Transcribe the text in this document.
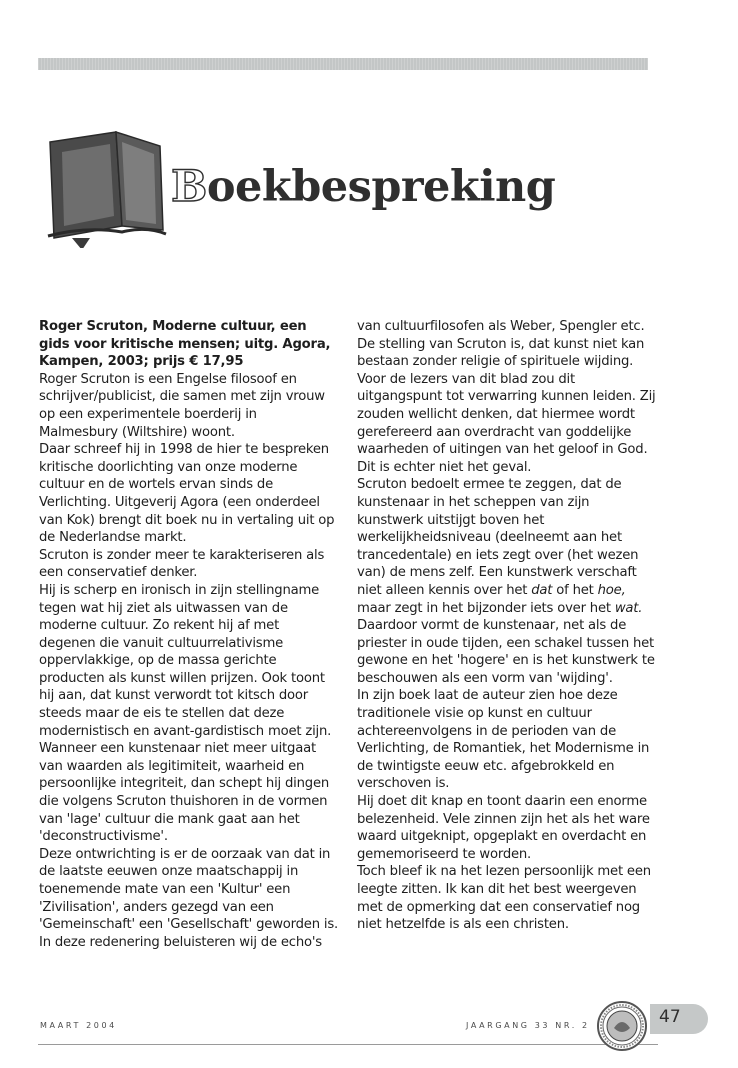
Boekbespreking

Roger Scruton, Moderne cultuur, een gids voor kritische mensen; uitg. Agora, Kampen, 2003; prijs € 17,95

Roger Scruton is een Engelse filosoof en schrijver/publicist, die samen met zijn vrouw op een experimentele boerderij in Malmesbury (Wiltshire) woont.

Daar schreef hij in 1998 de hier te bespreken kritische doorlichting van onze moderne cultuur en de wortels ervan sinds de Verlichting. Uitgeverij Agora (een onderdeel van Kok) brengt dit boek nu in vertaling uit op de Nederlandse markt.

Scruton is zonder meer te karakteriseren als een conservatief denker.

Hij is scherp en ironisch in zijn stellingname tegen wat hij ziet als uitwassen van de moderne cultuur. Zo rekent hij af met degenen die vanuit cultuurrelativisme oppervlakkige, op de massa gerichte producten als kunst willen prijzen. Ook toont hij aan, dat kunst verwordt tot kitsch door steeds maar de eis te stellen dat deze modernistisch en avant-gardistisch moet zijn. Wanneer een kunstenaar niet meer uitgaat van waarden als legitimiteit, waarheid en persoonlijke integriteit, dan schept hij dingen die volgens Scruton thuishoren in de vormen van 'lage' cultuur die mank gaat aan het 'deconstructivisme'.

Deze ontwrichting is er de oorzaak van dat in de laatste eeuwen onze maatschappij in toenemende mate van een 'Kultur' een 'Zivilisation', anders gezegd van een 'Gemeinschaft' een 'Gesellschaft' geworden is. In deze redenering beluisteren wij de echo's

van cultuurfilosofen als Weber, Spengler etc. De stelling van Scruton is, dat kunst niet kan bestaan zonder religie of spirituele wijding. Voor de lezers van dit blad zou dit uitgangspunt tot verwarring kunnen leiden. Zij zouden wellicht denken, dat hiermee wordt gerefereerd aan overdracht van goddelijke waarheden of uitingen van het geloof in God. Dit is echter niet het geval.

Scruton bedoelt ermee te zeggen, dat de kunstenaar in het scheppen van zijn kunstwerk uitstijgt boven het werkelijkheidsniveau (deelneemt aan het trancedentale) en iets zegt over (het wezen van) de mens zelf. Een kunstwerk verschaft niet alleen kennis over het dat of het hoe, maar zegt in het bijzonder iets over het wat.

Daardoor vormt de kunstenaar, net als de priester in oude tijden, een schakel tussen het gewone en het 'hogere' en is het kunstwerk te beschouwen als een vorm van 'wijding'.

In zijn boek laat de auteur zien hoe deze traditionele visie op kunst en cultuur achtereenvolgens in de perioden van de Verlichting, de Romantiek, het Modernisme in de twintigste eeuw etc. afgebrokkeld en verschoven is.

Hij doet dit knap en toont daarin een enorme belezenheid. Vele zinnen zijn het als het ware waard uitgeknipt, opgeplakt en overdacht en gememoriseerd te worden.

Toch bleef ik na het lezen persoonlijk met een leegte zitten. Ik kan dit het best weergeven met de opmerking dat een conservatief nog niet hetzelfde is als een christen.

MAART 2004	JAARGANG 33 NR. 2	47
